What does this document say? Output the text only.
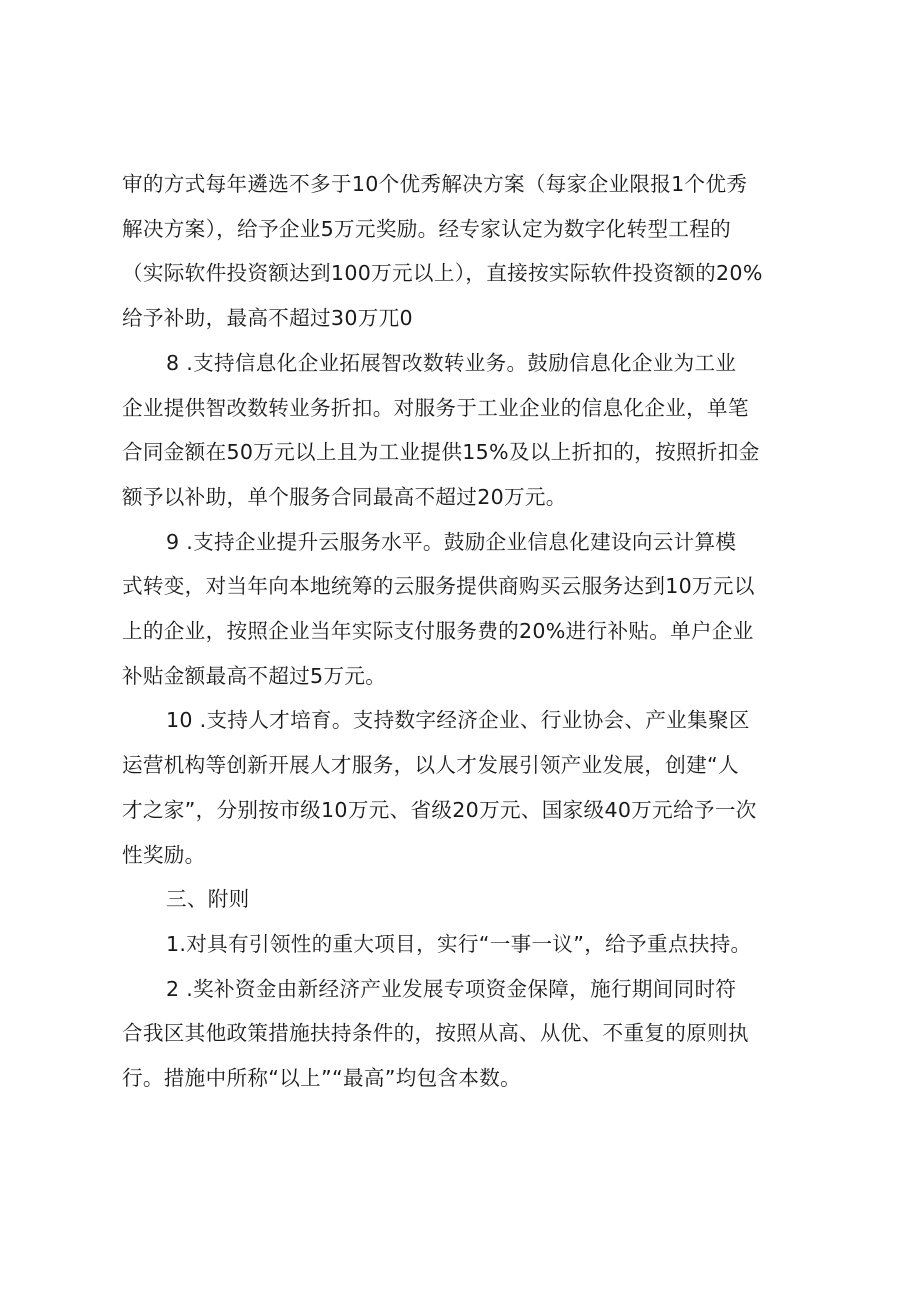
审的方式每年遴选不多于10个优秀解决方案（每家企业限报1个优秀
解决方案），给予企业5万元奖励。经专家认定为数字化转型工程的
（实际软件投资额达到100万元以上），直接按实际软件投资额的20%
给予补助，最高不超过30万兀0

8 .支持信息化企业拓展智改数转业务。鼓励信息化企业为工业
企业提供智改数转业务折扣。对服务于工业企业的信息化企业，单笔
合同金额在50万元以上且为工业提供15%及以上折扣的，按照折扣金
额予以补助，单个服务合同最高不超过20万元。

9 .支持企业提升云服务水平。鼓励企业信息化建设向云计算模
式转变，对当年向本地统筹的云服务提供商购买云服务达到10万元以
上的企业，按照企业当年实际支付服务费的20%进行补贴。单户企业
补贴金额最高不超过5万元。

10 .支持人才培育。支持数字经济企业、行业协会、产业集聚区
运营机构等创新开展人才服务，以人才发展引领产业发展，创建“人
才之家”，分别按市级10万元、省级20万元、国家级40万元给予一次
性奖励。

三、附则

1.对具有引领性的重大项目，实行“一事一议”，给予重点扶持。

2 .奖补资金由新经济产业发展专项资金保障，施行期间同时符
合我区其他政策措施扶持条件的，按照从高、从优、不重复的原则执
行。措施中所称“以上”“最高”均包含本数。
